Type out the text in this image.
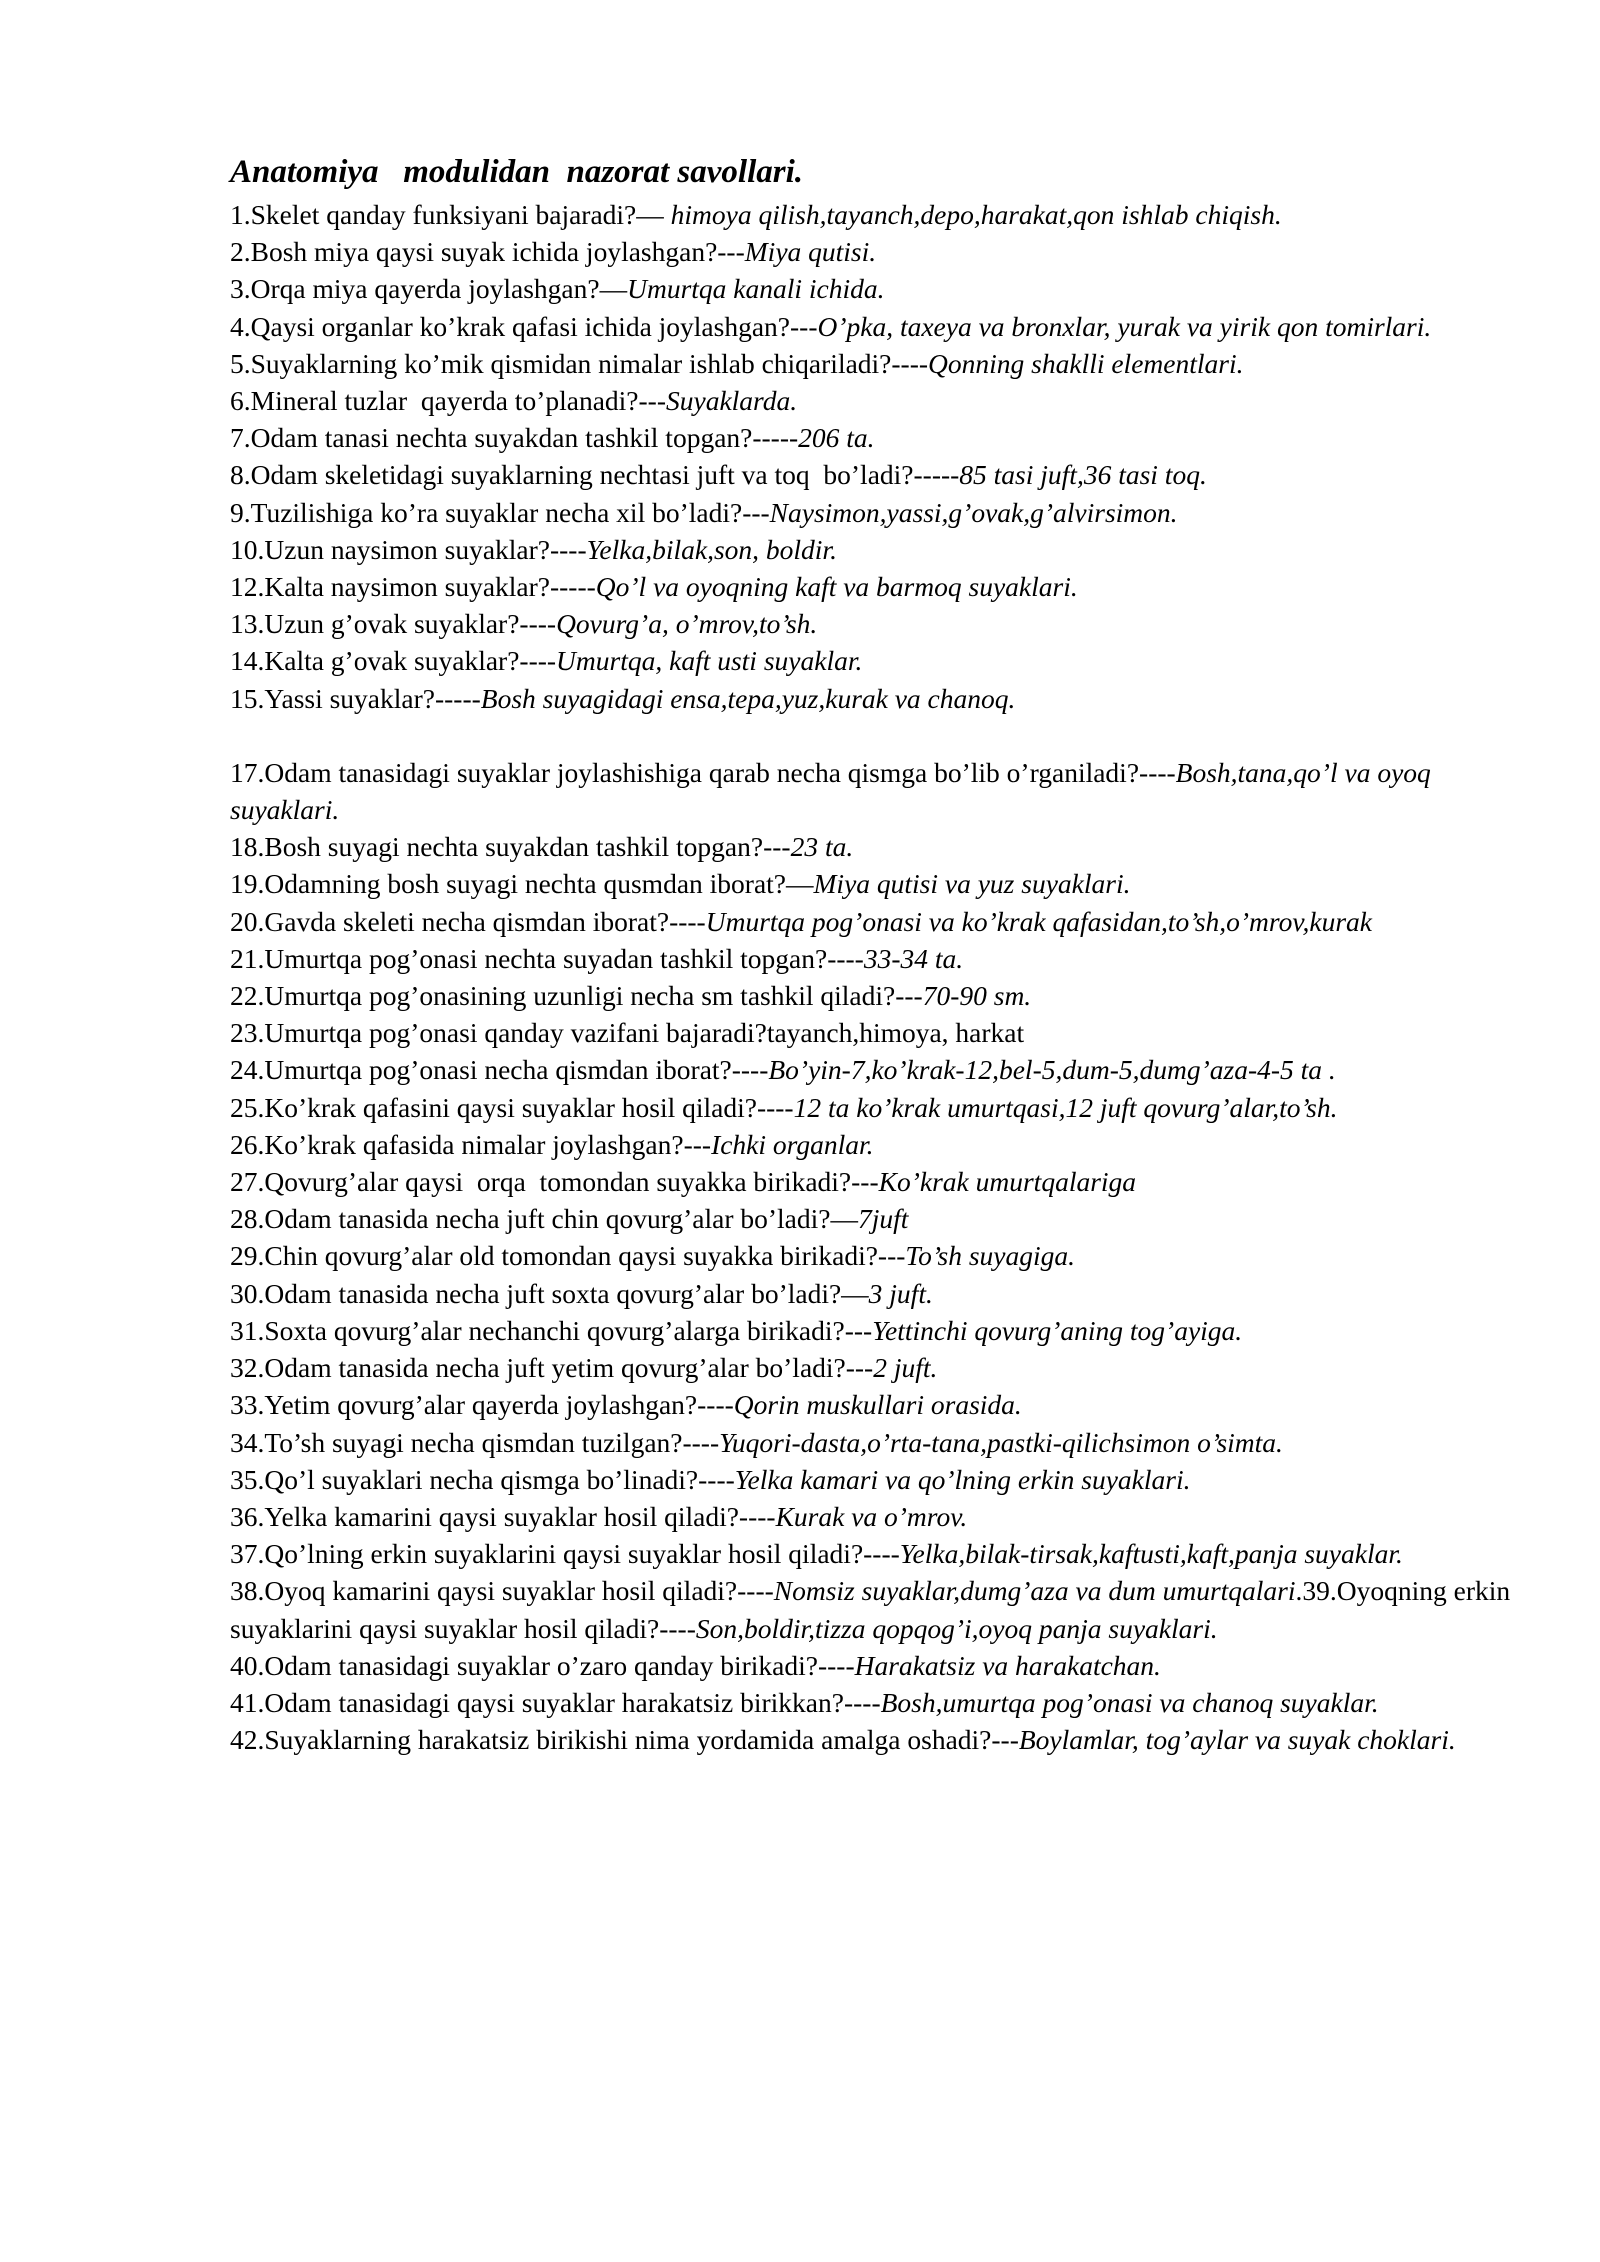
Anatomiya   modulidan  nazorat savollari.

1.Skelet qanday funksiyani bajaradi?— himoya qilish,tayanch,depo,harakat,qon ishlab chiqish.

2.Bosh miya qaysi suyak ichida joylashgan?---Miya qutisi.

3.Orqa miya qayerda joylashgan?—Umurtqa kanali ichida.

4.Qaysi organlar ko’krak qafasi ichida joylashgan?---O’pka, taxeya va bronxlar, yurak va yirik qon tomirlari.

5.Suyaklarning ko’mik qismidan nimalar ishlab chiqariladi?----Qonning shaklli elementlari.

6.Mineral tuzlar  qayerda to’planadi?---Suyaklarda.

7.Odam tanasi nechta suyakdan tashkil topgan?-----206 ta.

8.Odam skeletidagi suyaklarning nechtasi juft va toq  bo’ladi?-----85 tasi juft,36 tasi toq.

9.Tuzilishiga ko’ra suyaklar necha xil bo’ladi?---Naysimon,yassi,g’ovak,g’alvirsimon.

10.Uzun naysimon suyaklar?----Yelka,bilak,son, boldir.

12.Kalta naysimon suyaklar?-----Qo’l va oyoqning kaft va barmoq suyaklari.

13.Uzun g’ovak suyaklar?----Qovurg’a, o’mrov,to’sh.

14.Kalta g’ovak suyaklar?----Umurtqa, kaft usti suyaklar.

15.Yassi suyaklar?-----Bosh suyagidagi ensa,tepa,yuz,kurak va chanoq.

17.Odam tanasidagi suyaklar joylashishiga qarab necha qismga bo’lib o’rganiladi?----Bosh,tana,qo’l va oyoq suyaklari.

18.Bosh suyagi nechta suyakdan tashkil topgan?---23 ta.

19.Odamning bosh suyagi nechta qusmdan iborat?—Miya qutisi va yuz suyaklari.

20.Gavda skeleti necha qismdan iborat?----Umurtqa pog’onasi va ko’krak qafasidan,to’sh,o’mrov,kurak

21.Umurtqa pog’onasi nechta suyadan tashkil topgan?----33-34 ta.

22.Umurtqa pog’onasining uzunligi necha sm tashkil qiladi?---70-90 sm.

23.Umurtqa pog’onasi qanday vazifani bajaradi?tayanch,himoya, harkat

24.Umurtqa pog’onasi necha qismdan iborat?----Bo’yin-7,ko’krak-12,bel-5,dum-5,dumg’aza-4-5 ta .

25.Ko’krak qafasini qaysi suyaklar hosil qiladi?----12 ta ko’krak umurtqasi,12 juft qovurg’alar,to’sh.

26.Ko’krak qafasida nimalar joylashgan?---Ichki organlar.

27.Qovurg’alar qaysi  orqa  tomondan suyakka birikadi?---Ko’krak umurtqalariga

28.Odam tanasida necha juft chin qovurg’alar bo’ladi?—7juft

29.Chin qovurg’alar old tomondan qaysi suyakka birikadi?---To’sh suyagiga.

30.Odam tanasida necha juft soxta qovurg’alar bo’ladi?—3 juft.

31.Soxta qovurg’alar nechanchi qovurg’alarga birikadi?---Yettinchi qovurg’aning tog’ayiga.

32.Odam tanasida necha juft yetim qovurg’alar bo’ladi?---2 juft.

33.Yetim qovurg’alar qayerda joylashgan?----Qorin muskullari orasida.

34.To’sh suyagi necha qismdan tuzilgan?----Yuqori-dasta,o’rta-tana,pastki-qilichsimon o’simta.

35.Qo’l suyaklari necha qismga bo’linadi?----Yelka kamari va qo’lning erkin suyaklari.

36.Yelka kamarini qaysi suyaklar hosil qiladi?----Kurak va o’mrov.

37.Qo’lning erkin suyaklarini qaysi suyaklar hosil qiladi?----Yelka,bilak-tirsak,kaftusti,kaft,panja suyaklar.

38.Oyoq kamarini qaysi suyaklar hosil qiladi?----Nomsiz suyaklar,dumg’aza va dum umurtqalari.39.Oyoqning erkin suyaklarini qaysi suyaklar hosil qiladi?----Son,boldir,tizza qopqog’i,oyoq panja suyaklari.

40.Odam tanasidagi suyaklar o’zaro qanday birikadi?----Harakatsiz va harakatchan.

41.Odam tanasidagi qaysi suyaklar harakatsiz birikkan?----Bosh,umurtqa pog’onasi va chanoq suyaklar.

42.Suyaklarning harakatsiz birikishi nima yordamida amalga oshadi?---Boylamlar, tog’aylar va suyak choklari.
